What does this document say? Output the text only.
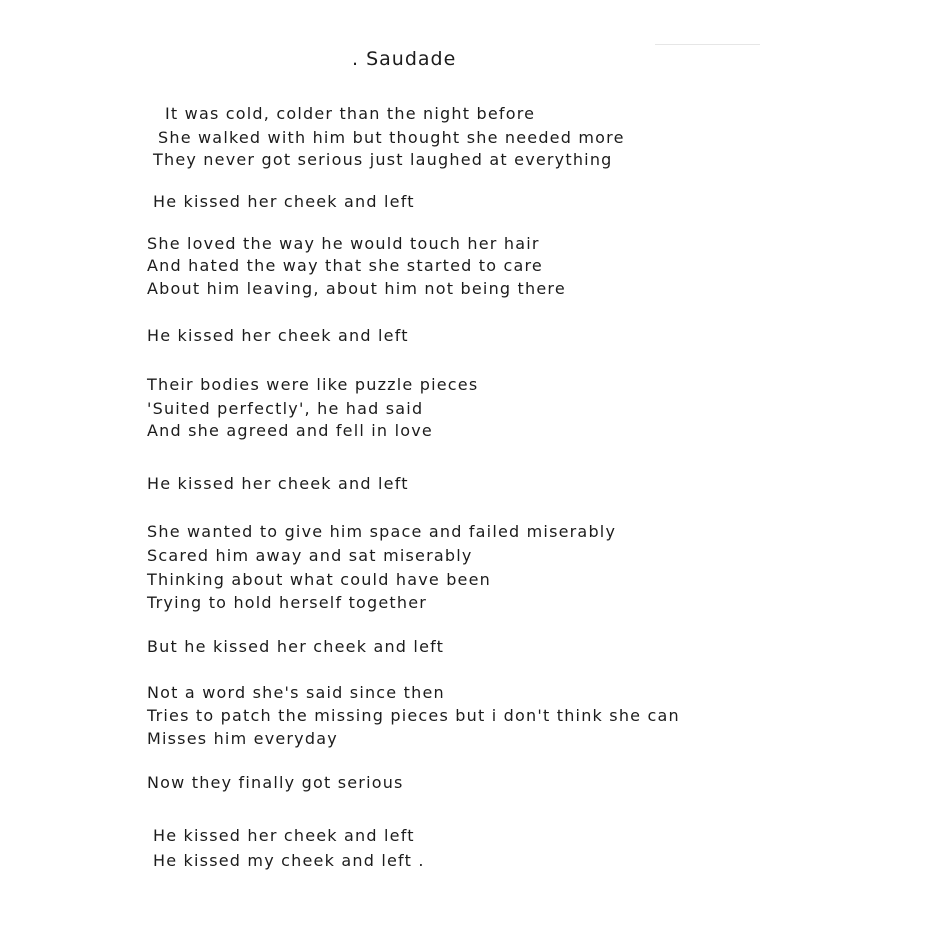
. Saudade
It was cold, colder than the night before
She walked with him but thought she needed more
They never got serious just laughed at everything
He kissed her cheek and left
She loved the way he would touch her hair
And hated the way that she started to care
About him leaving, about him not being there
He kissed her cheek and left
Their bodies were like puzzle pieces
'Suited perfectly', he had said
And she agreed and fell in love
He kissed her cheek and left
She wanted to give him space and failed miserably
Scared him away and sat miserably
Thinking about what could have been
Trying to hold herself together
But he kissed her cheek and left
Not a word she's said since then
Tries to patch the missing pieces but i don't think she can
Misses him everyday
Now they finally got serious
He kissed her cheek and left
He kissed my cheek and left .
